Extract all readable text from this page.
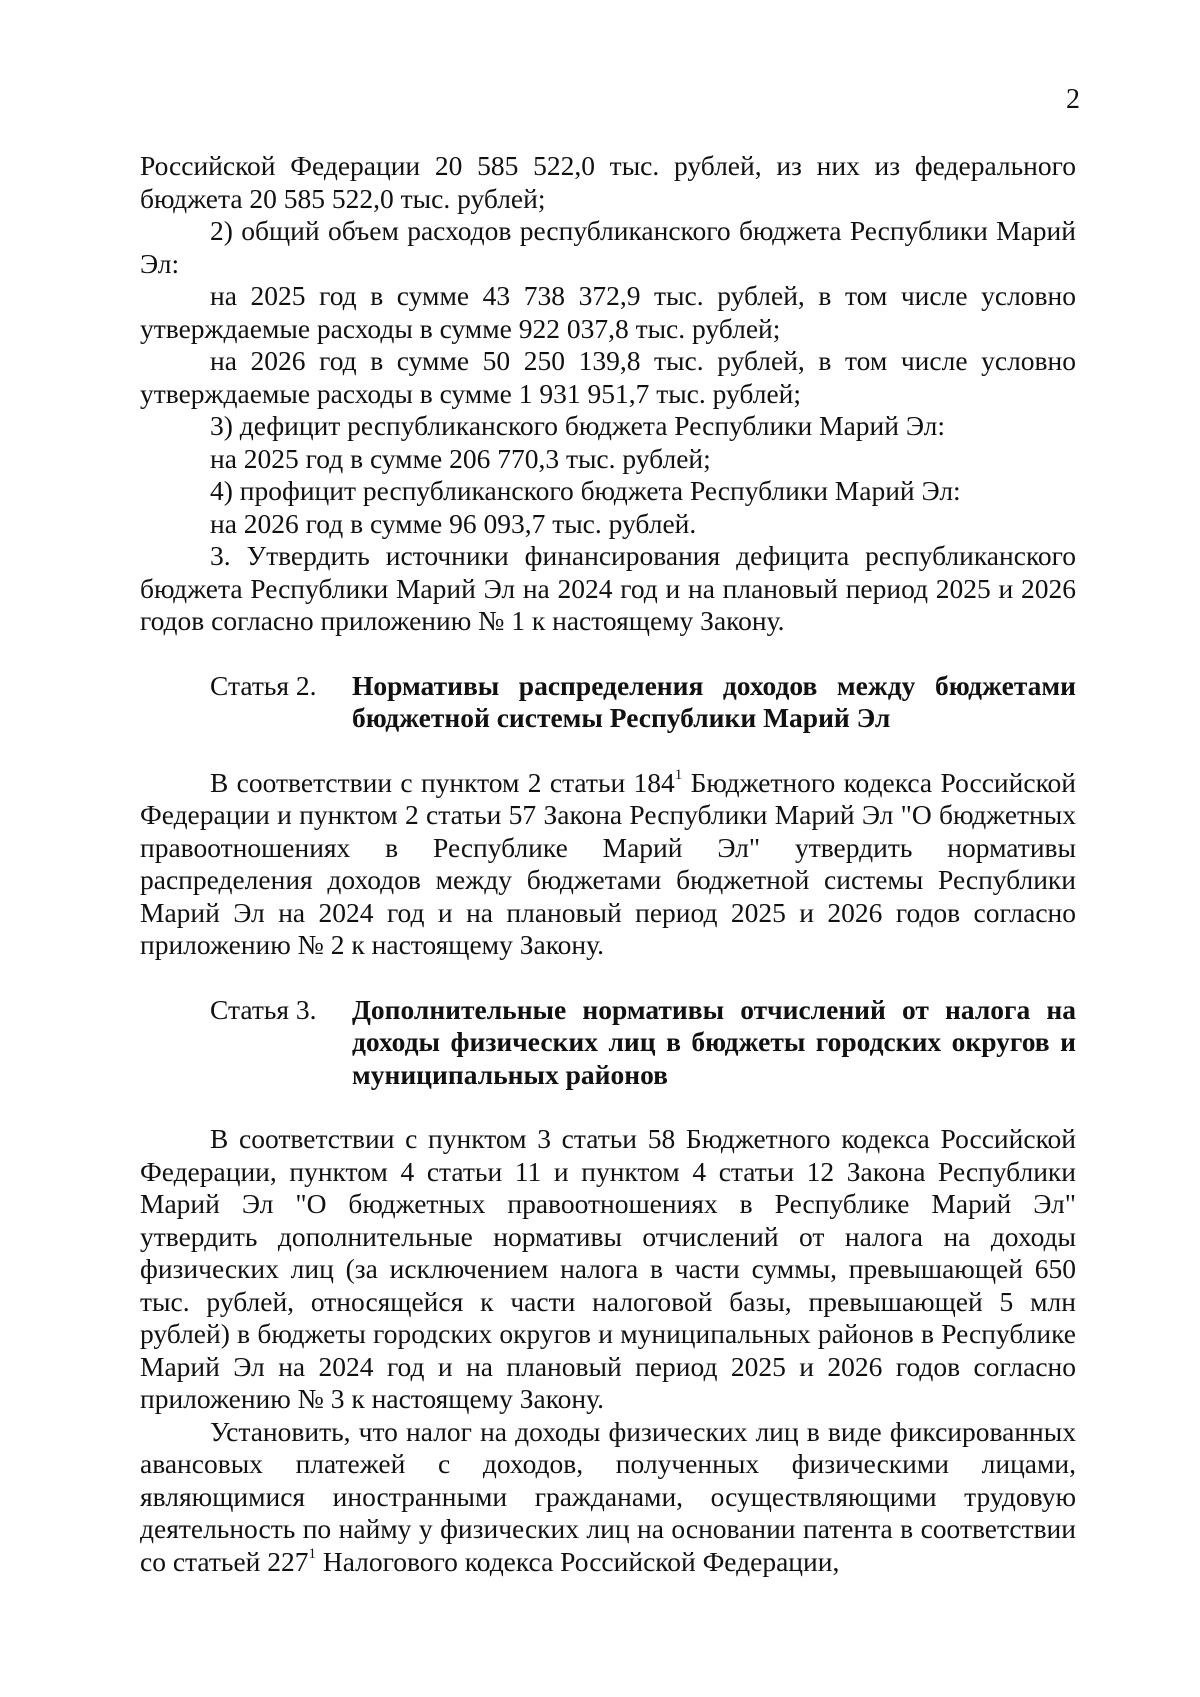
2

Российской Федерации 20 585 522,0 тыс. рублей, из них из федерального бюджета 20 585 522,0 тыс. рублей;

2) общий объем расходов республиканского бюджета Республики Марий Эл:

на 2025 год в сумме 43 738 372,9 тыс. рублей, в том числе условно утверждаемые расходы в сумме 922 037,8 тыс. рублей;

на 2026 год в сумме 50 250 139,8 тыс. рублей, в том числе условно утверждаемые расходы в сумме 1 931 951,7 тыс. рублей;

3) дефицит республиканского бюджета Республики Марий Эл:

на 2025 год в сумме 206 770,3 тыс. рублей;

4) профицит республиканского бюджета Республики Марий Эл:

на 2026 год в сумме 96 093,7 тыс. рублей.

3. Утвердить источники финансирования дефицита республиканского бюджета Республики Марий Эл на 2024 год и на плановый период 2025 и 2026 годов согласно приложению № 1 к настоящему Закону.

Статья 2.	Нормативы распределения доходов между бюджетами бюджетной системы Республики Марий Эл

В соответствии с пунктом 2 статьи $184^1$ Бюджетного кодекса Российской Федерации и пунктом 2 статьи 57 Закона Республики Марий Эл "О бюджетных правоотношениях в Республике Марий Эл" утвердить нормативы распределения доходов между бюджетами бюджетной системы Республики Марий Эл на 2024 год и на плановый период 2025 и 2026 годов согласно приложению № 2 к настоящему Закону.

Статья 3.	Дополнительные нормативы отчислений от налога на доходы физических лиц в бюджеты городских округов и муниципальных районов

В соответствии с пунктом 3 статьи 58 Бюджетного кодекса Российской Федерации, пунктом 4 статьи 11 и пунктом 4 статьи 12 Закона Республики Марий Эл "О бюджетных правоотношениях в Республике Марий Эл" утвердить дополнительные нормативы отчислений от налога на доходы физических лиц (за исключением налога в части суммы, превышающей 650 тыс. рублей, относящейся к части налоговой базы, превышающей 5 млн рублей) в бюджеты городских округов и муниципальных районов в Республике Марий Эл на 2024 год и на плановый период 2025 и 2026 годов согласно приложению № 3 к настоящему Закону.

Установить, что налог на доходы физических лиц в виде фиксированных авансовых платежей с доходов, полученных физическими лицами, являющимися иностранными гражданами, осуществляющими трудовую деятельность по найму у физических лиц на основании патента в соответствии со статьей $227^1$ Налогового кодекса Российской Федерации,
